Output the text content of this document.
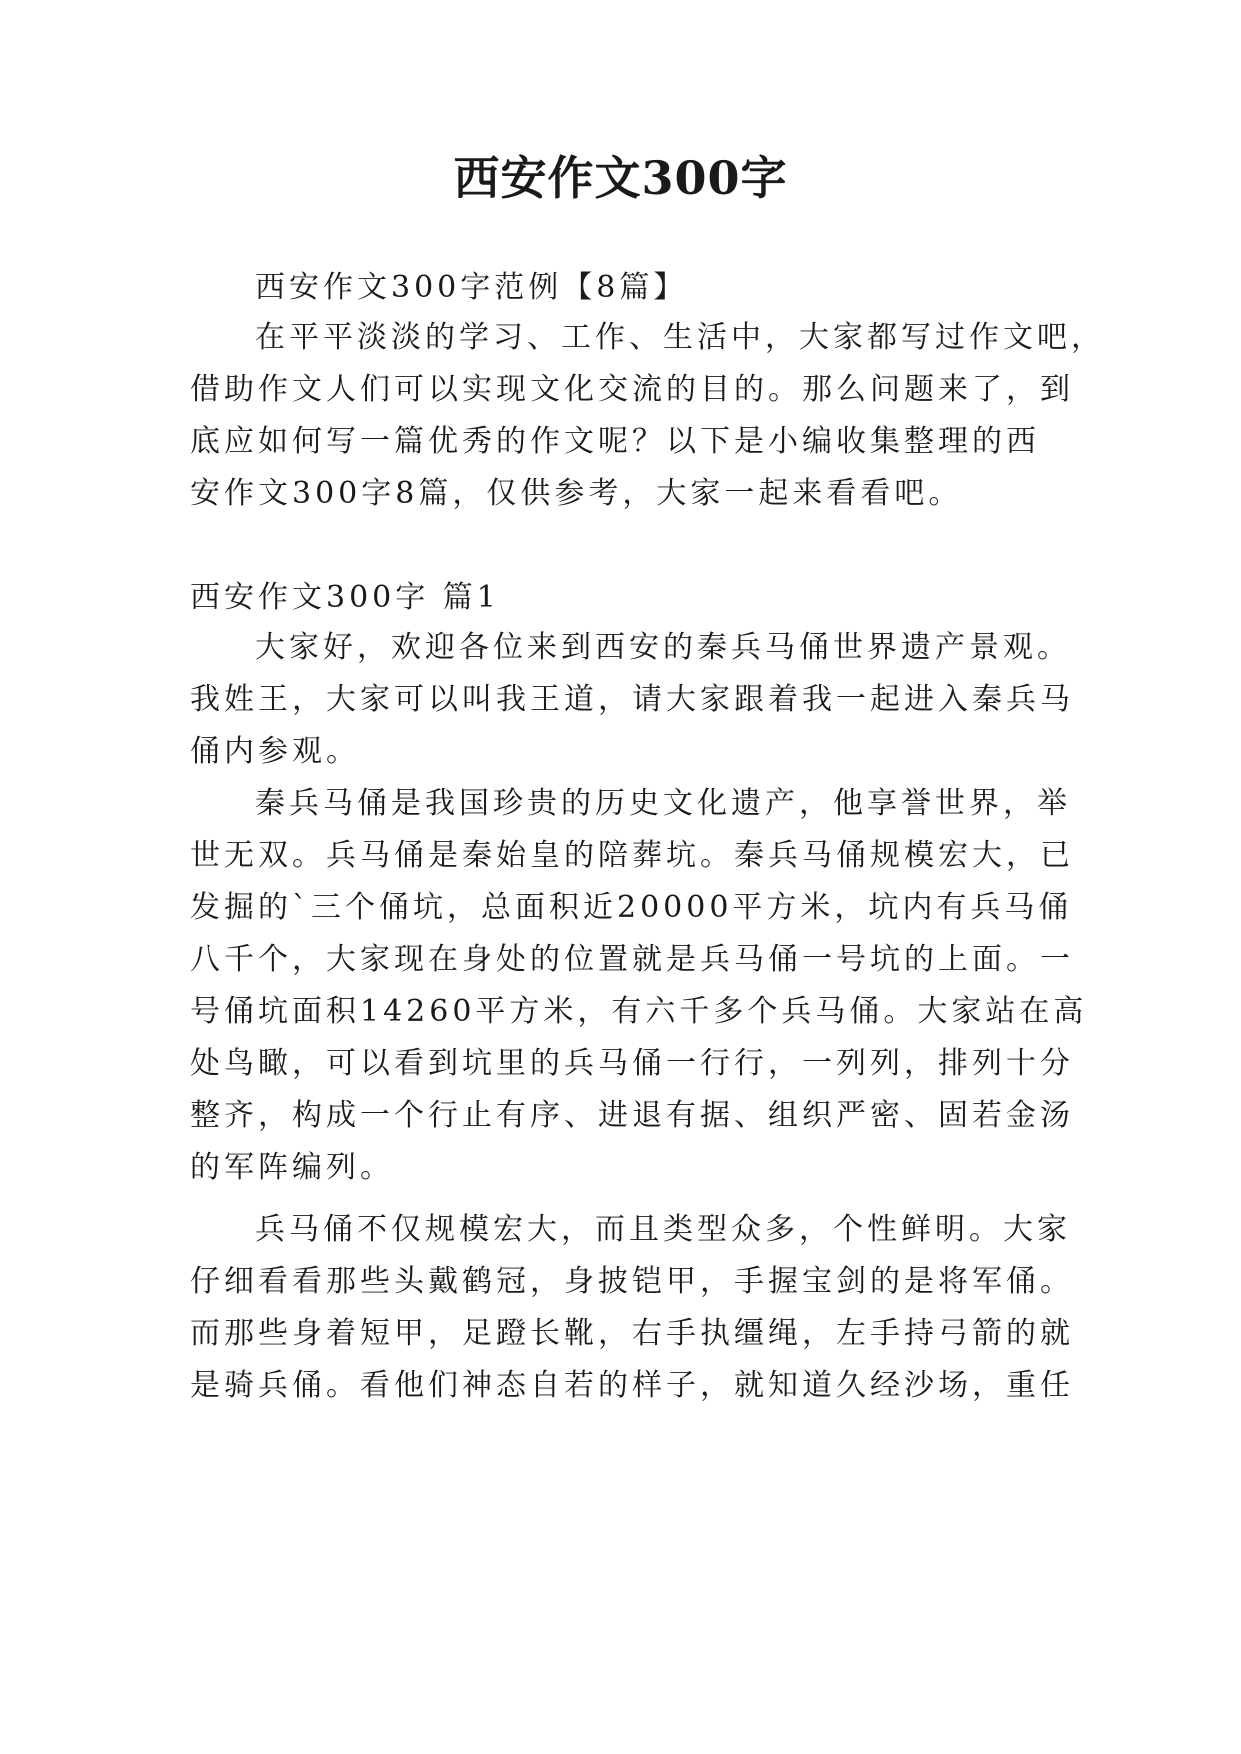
西安作文300字
西安作文300字范例【8篇】
在平平淡淡的学习、工作、生活中，大家都写过作文吧，
借助作文人们可以实现文化交流的目的。那么问题来了，到
底应如何写一篇优秀的作文呢？以下是小编收集整理的西
安作文300字8篇，仅供参考，大家一起来看看吧。
西安作文300字 篇1
大家好，欢迎各位来到西安的秦兵马俑世界遗产景观。
我姓王，大家可以叫我王道，请大家跟着我一起进入秦兵马
俑内参观。
秦兵马俑是我国珍贵的历史文化遗产，他享誉世界，举
世无双。兵马俑是秦始皇的陪葬坑。秦兵马俑规模宏大，已
发掘的`三个俑坑，总面积近20000平方米，坑内有兵马俑
八千个，大家现在身处的位置就是兵马俑一号坑的上面。一
号俑坑面积14260平方米，有六千多个兵马俑。大家站在高
处鸟瞰，可以看到坑里的兵马俑一行行，一列列，排列十分
整齐，构成一个行止有序、进退有据、组织严密、固若金汤
的军阵编列。
兵马俑不仅规模宏大，而且类型众多，个性鲜明。大家
仔细看看那些头戴鹤冠，身披铠甲，手握宝剑的是将军俑。
而那些身着短甲，足蹬长靴，右手执缰绳，左手持弓箭的就
是骑兵俑。看他们神态自若的样子，就知道久经沙场，重任
